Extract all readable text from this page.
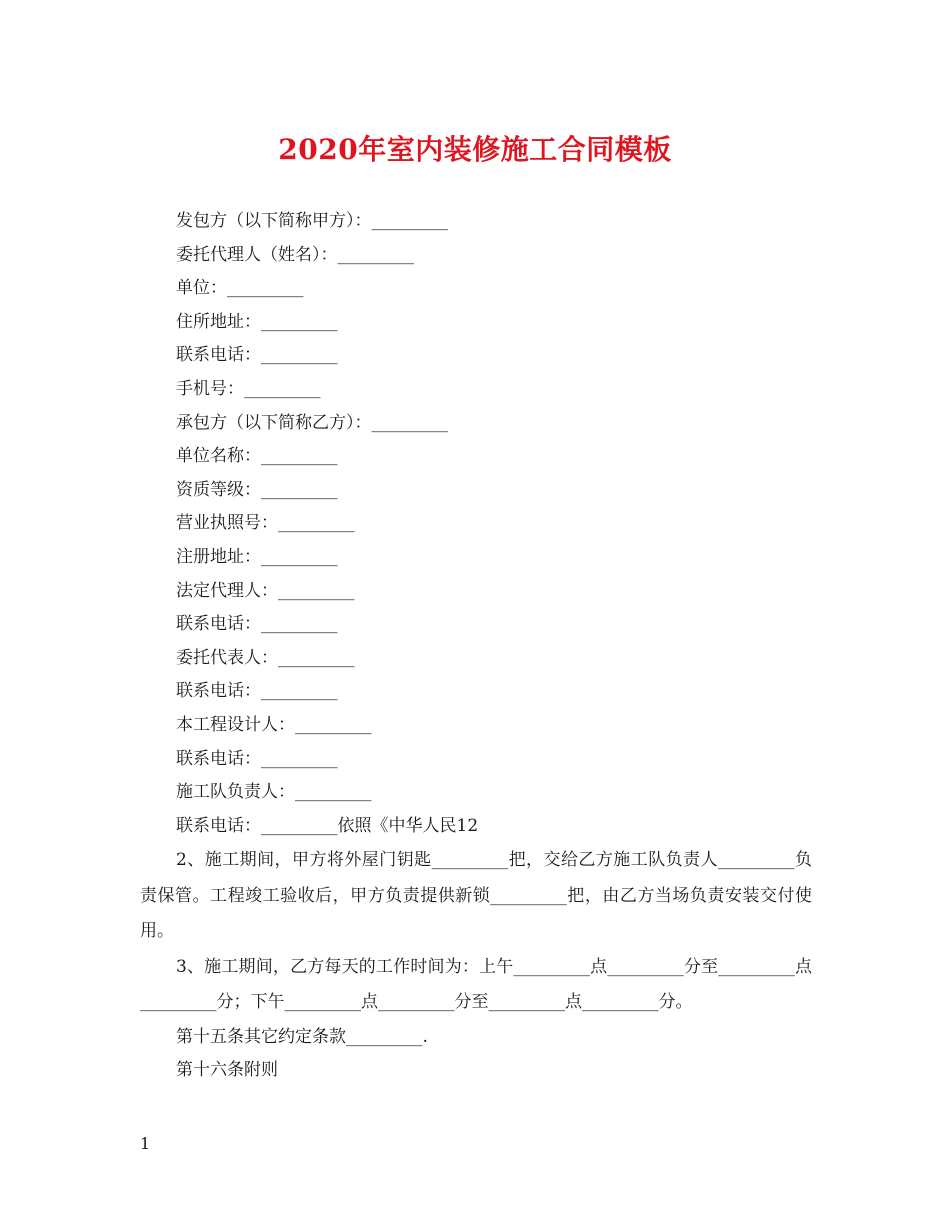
2020年室内装修施工合同模板

发包方（以下简称甲方）：_________

委托代理人（姓名）：_________

单位：_________

住所地址：_________

联系电话：_________

手机号：_________

承包方（以下简称乙方）：_________

单位名称：_________

资质等级：_________

营业执照号：_________

注册地址：_________

法定代理人：_________

联系电话：_________

委托代表人：_________

联系电话：_________

本工程设计人：_________

联系电话：_________

施工队负责人：_________

联系电话：_________依照《中华人民12

2、施工期间，甲方将外屋门钥匙_________把，交给乙方施工队负责人_________负责保管。工程竣工验收后，甲方负责提供新锁_________把，由乙方当场负责安装交付使用。

3、施工期间，乙方每天的工作时间为：上午_________点_________分至_________点_________分；下午_________点_________分至_________点_________分。

第十五条其它约定条款_________.

第十六条附则

1
